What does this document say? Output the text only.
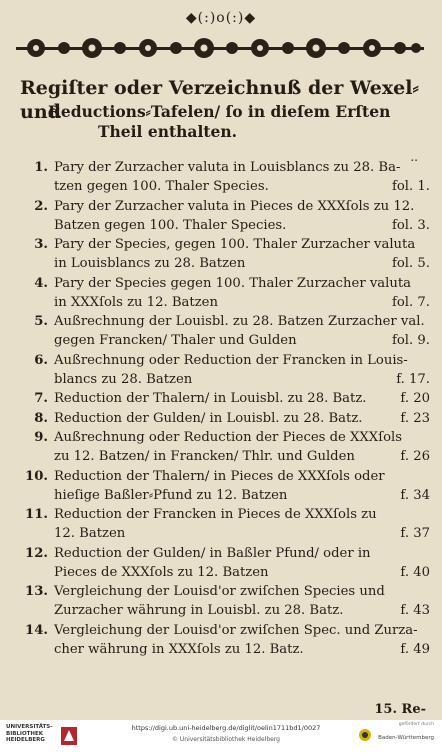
◆(:)o(:)◆
..
Regiſter oder Verzeichnuß der Wexel⸗und
Reductions⸗Tafelen/ ſo in dieſem Erſten
Theil enthalten.
1. Pary der Zurzacher valuta in Louisblancs zu 28. Ba-
tzen gegen 100. Thaler Species.	fol. 1.
2. Pary der Zurzacher valuta in Pieces de XXXſols zu 12.
Batzen gegen 100. Thaler Species.	fol. 3.
3. Pary der Species, gegen 100. Thaler Zurzacher valuta
in Louisblancs zu 28. Batzen	fol. 5.
4. Pary der Species gegen 100. Thaler Zurzacher valuta
in XXXſols zu 12. Batzen	fol. 7.
5. Außrechnung der Louisbl. zu 28. Batzen Zurzacher val.
gegen Francken/ Thaler und Gulden	fol. 9.
6. Außrechnung oder Reduction der Francken in Louis-
blancs zu 28. Batzen	f. 17.
7. Reduction der Thalern/ in Louisbl. zu 28. Batz.	f. 20
8. Reduction der Gulden/ in Louisbl. zu 28. Batz.	f. 23
9. Außrechnung oder Reduction der Pieces de XXXſols
zu 12. Batzen/ in Francken/ Thlr. und Gulden	f. 26
10. Reduction der Thalern/ in Pieces de XXXſols oder
hieſige Baßler⸗Pfund zu 12. Batzen	f. 34
11. Reduction der Francken in Pieces de XXXſols zu
12. Batzen	f. 37
12. Reduction der Gulden/ in Baßler Pfund/ oder in
Pieces de XXXſols zu 12. Batzen	f. 40
13. Vergleichung der Louisd'or zwiſchen Species und
Zurzacher währung in Louisbl. zu 28. Batz.	f. 43
14. Vergleichung der Louisd'or zwiſchen Spec. und Zurza-
cher währung in XXXſols zu 12. Batz.	f. 49
15. Re-
UNIVERSITÄTS-
BIBLIOTHEK
HEIDELBERG
https://digi.ub.uni-heidelberg.de/diglit/oelin1711bd1/0027
© Universitätsbibliothek Heidelberg
gefördert durch
Baden-Württemberg
